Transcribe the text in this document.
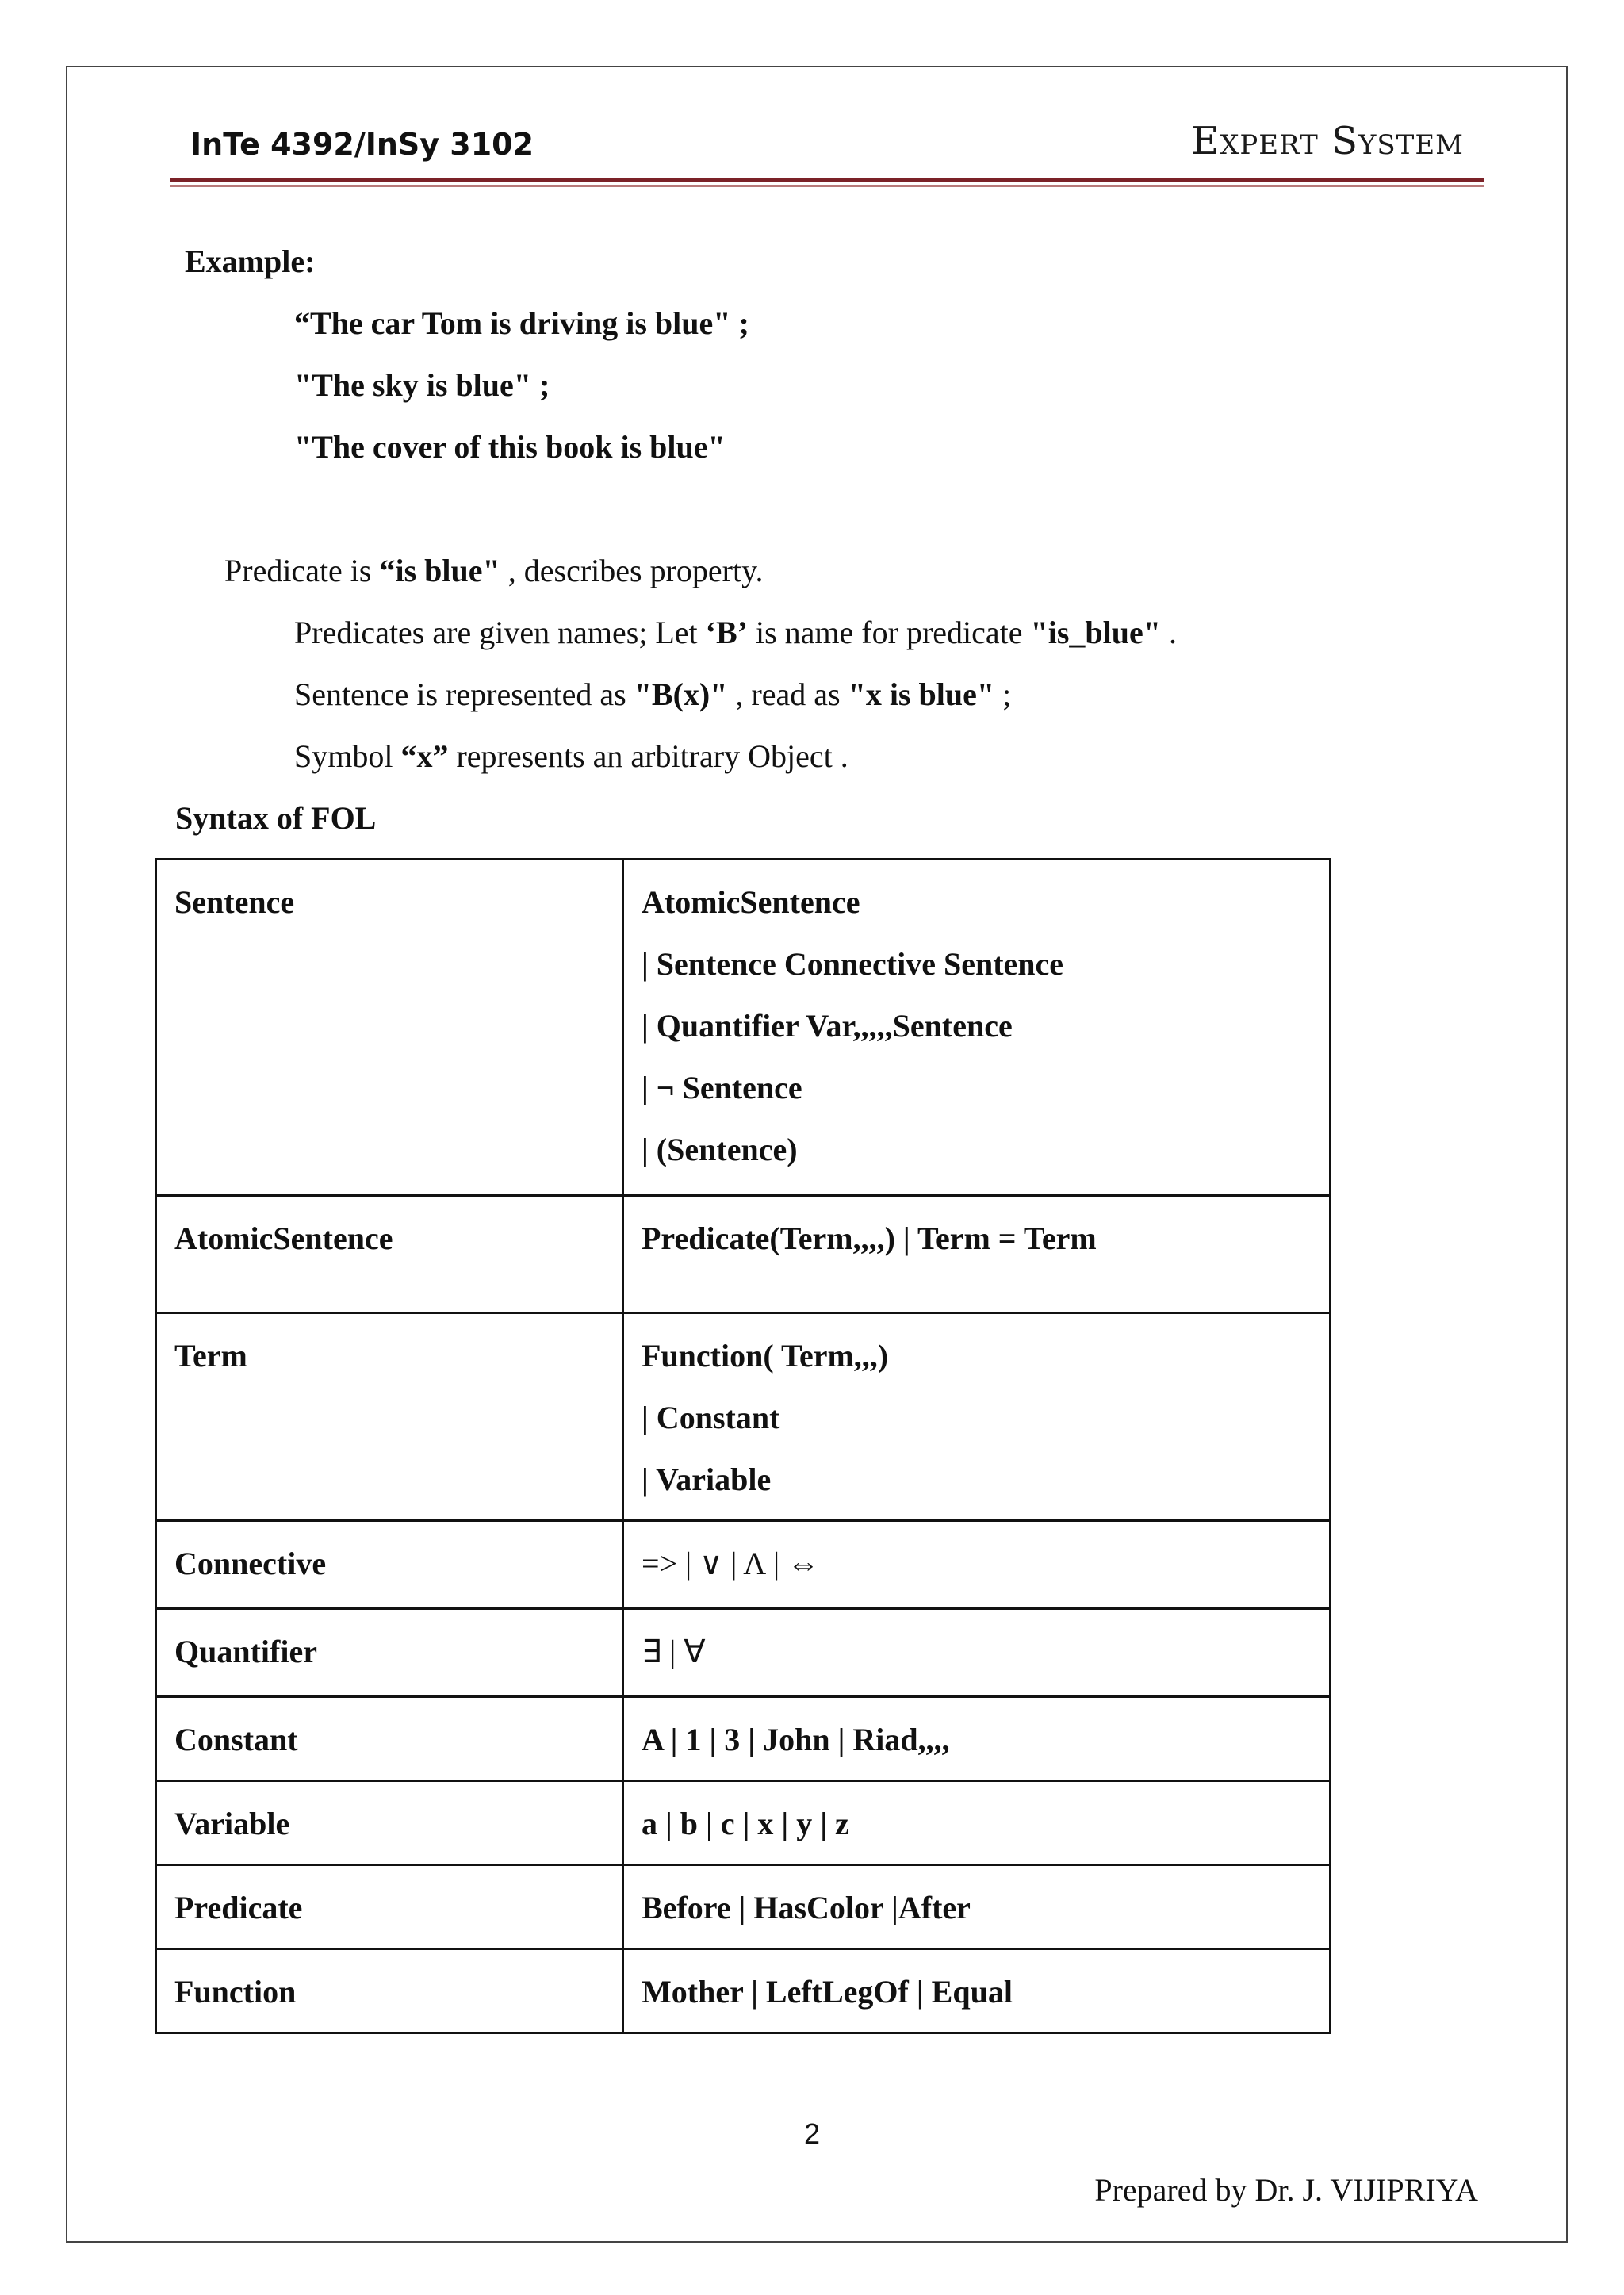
InTe 4392/InSy 3102	Expert System
Example:
“The car Tom is driving is blue" ;
"The sky is blue" ;
"The cover of this book is blue"
Predicate is “is blue" , describes property.
Predicates are given names; Let ‘B’ is name for predicate "is_blue" .
Sentence is represented as "B(x)" , read as "x is blue" ;
Symbol “x” represents an arbitrary Object .
Syntax of FOL
Sentence	AtomicSentence
| Sentence Connective Sentence
| Quantifier Var,,,,,Sentence
| ¬ Sentence
| (Sentence)

AtomicSentence	Predicate(Term,,,,) | Term = Term

Term	Function( Term,,,)
| Constant
| Variable

Connective	=> | ∨ | Λ | ⇔

Quantifier	∃ | ∀

Constant	A | 1 | 3 | John | Riad,,,,

Variable	a | b | c | x | y | z

Predicate	Before | HasColor |After

Function	Mother | LeftLegOf | Equal
2
Prepared by Dr. J. VIJIPRIYA
